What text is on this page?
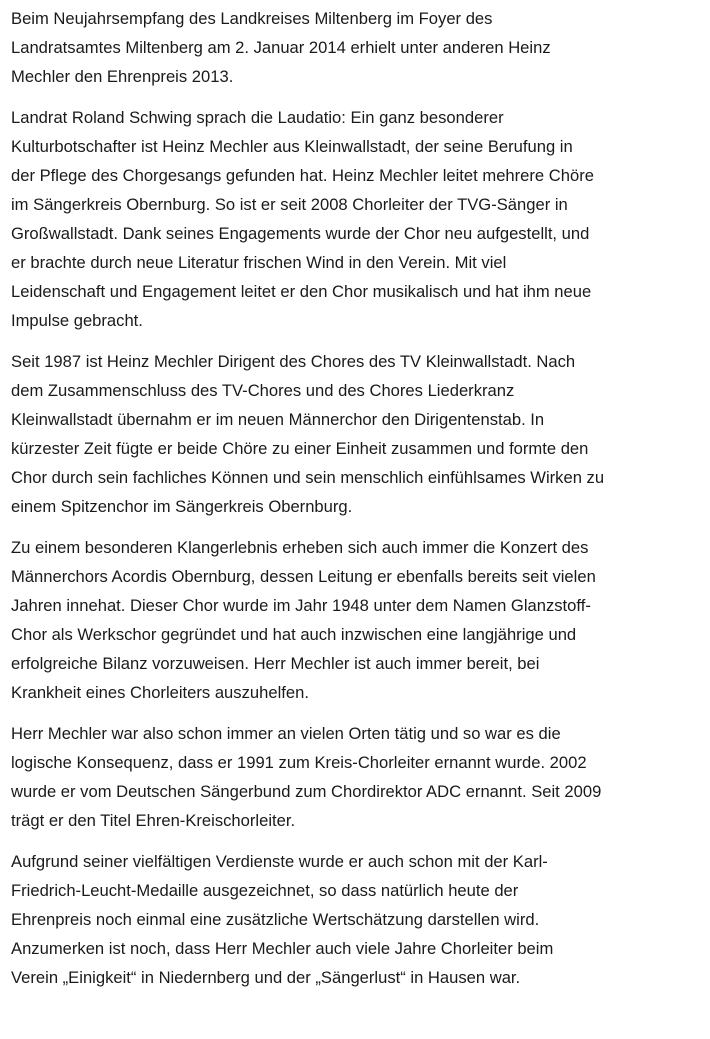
Beim Neujahrsempfang des Landkreises Miltenberg im Foyer des
Landratsamtes Miltenberg am 2. Januar 2014 erhielt unter anderen Heinz
Mechler den Ehrenpreis 2013.

Landrat Roland Schwing sprach die Laudatio: Ein ganz besonderer
Kulturbotschafter ist Heinz Mechler aus Kleinwallstadt, der seine Berufung in
der Pflege des Chorgesangs gefunden hat. Heinz Mechler leitet mehrere Chöre
im Sängerkreis Obernburg. So ist er seit 2008 Chorleiter der TVG-Sänger in
Großwallstadt. Dank seines Engagements wurde der Chor neu aufgestellt, und
er brachte durch neue Literatur frischen Wind in den Verein. Mit viel
Leidenschaft und Engagement leitet er den Chor musikalisch und hat ihm neue
Impulse gebracht.

Seit 1987 ist Heinz Mechler Dirigent des Chores des TV Kleinwallstadt. Nach
dem Zusammenschluss des TV-Chores und des Chores Liederkranz
Kleinwallstadt übernahm er im neuen Männerchor den Dirigentenstab. In
kürzester Zeit fügte er beide Chöre zu einer Einheit zusammen und formte den
Chor durch sein fachliches Können und sein menschlich einfühlsames Wirken zu
einem Spitzenchor im Sängerkreis Obernburg.

Zu einem besonderen Klangerlebnis erheben sich auch immer die Konzert des
Männerchors Acordis Obernburg, dessen Leitung er ebenfalls bereits seit vielen
Jahren innehat. Dieser Chor wurde im Jahr 1948 unter dem Namen Glanzstoff-
Chor als Werkschor gegründet und hat auch inzwischen eine langjährige und
erfolgreiche Bilanz vorzuweisen. Herr Mechler ist auch immer bereit, bei
Krankheit eines Chorleiters auszuhelfen.

Herr Mechler war also schon immer an vielen Orten tätig und so war es die
logische Konsequenz, dass er 1991 zum Kreis-Chorleiter ernannt wurde. 2002
wurde er vom Deutschen Sängerbund zum Chordirektor ADC ernannt. Seit 2009
trägt er den Titel Ehren-Kreischorleiter.

Aufgrund seiner vielfältigen Verdienste wurde er auch schon mit der Karl-
Friedrich-Leucht-Medaille ausgezeichnet, so dass natürlich heute der
Ehrenpreis noch einmal eine zusätzliche Wertschätzung darstellen wird.
Anzumerken ist noch, dass Herr Mechler auch viele Jahre Chorleiter beim
Verein „Einigkeit“ in Niedernberg und der „Sängerlust“ in Hausen war.
